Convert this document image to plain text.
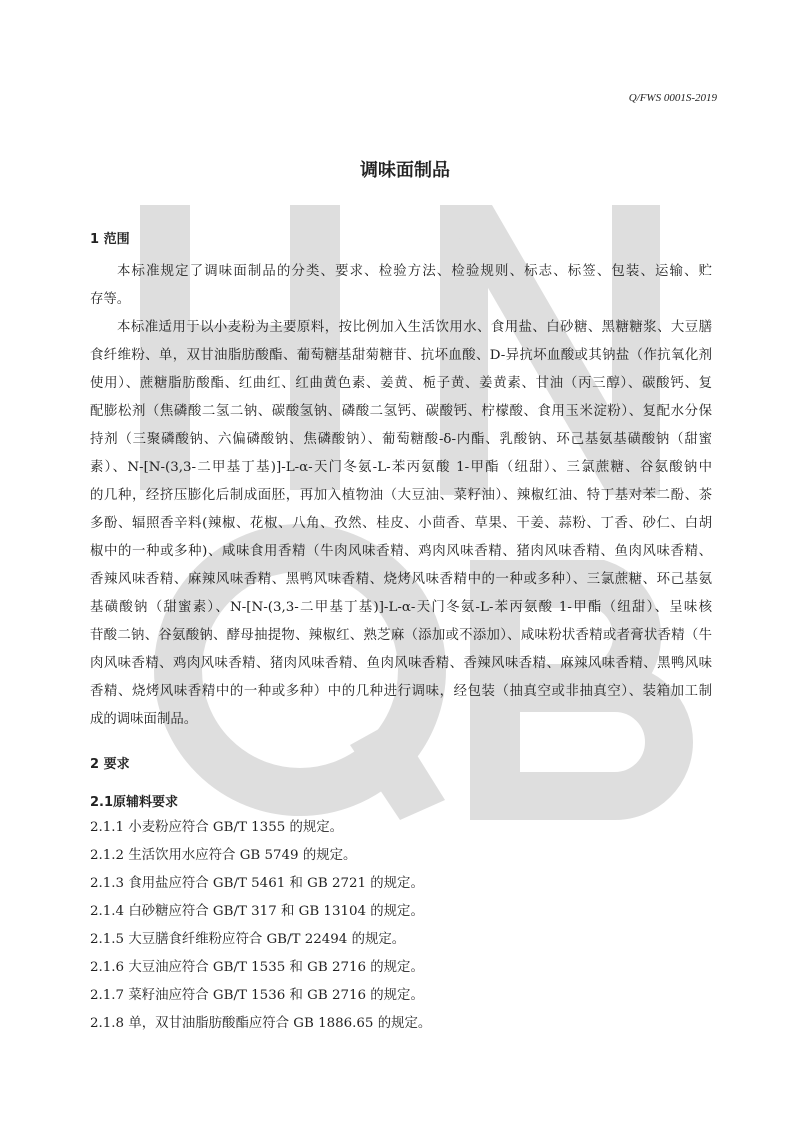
Q/FWS 0001S-2019
调味面制品
1 范围
本标准规定了调味面制品的分类、要求、检验方法、检验规则、标志、标签、包装、运输、贮
存等。
本标准适用于以小麦粉为主要原料，按比例加入生活饮用水、食用盐、白砂糖、黑糖糖浆、大豆膳
食纤维粉、单，双甘油脂肪酸酯、葡萄糖基甜菊糖苷、抗坏血酸、D-异抗坏血酸或其钠盐（作抗氧化剂
使用）、蔗糖脂肪酸酯、红曲红、红曲黄色素、姜黄、栀子黄、姜黄素、甘油（丙三醇）、碳酸钙、复
配膨松剂（焦磷酸二氢二钠、碳酸氢钠、磷酸二氢钙、碳酸钙、柠檬酸、食用玉米淀粉）、复配水分保
持剂（三聚磷酸钠、六偏磷酸钠、焦磷酸钠）、葡萄糖酸-δ-内酯、乳酸钠、环己基氨基磺酸钠（甜蜜
素）、N-[N-(3,3-二甲基丁基)]-L-α-天门冬氨-L-苯丙氨酸 1-甲酯（纽甜）、三氯蔗糖、谷氨酸钠中
的几种，经挤压膨化后制成面胚，再加入植物油（大豆油、菜籽油）、辣椒红油、特丁基对苯二酚、茶
多酚、辐照香辛料(辣椒、花椒、八角、孜然、桂皮、小茴香、草果、干姜、蒜粉、丁香、砂仁、白胡
椒中的一种或多种)、咸味食用香精（牛肉风味香精、鸡肉风味香精、猪肉风味香精、鱼肉风味香精、
香辣风味香精、麻辣风味香精、黑鸭风味香精、烧烤风味香精中的一种或多种）、三氯蔗糖、环己基氨
基磺酸钠（甜蜜素）、N-[N-(3,3-二甲基丁基)]-L-α-天门冬氨-L-苯丙氨酸 1-甲酯（纽甜）、呈味核
苷酸二钠、谷氨酸钠、酵母抽提物、辣椒红、熟芝麻（添加或不添加）、咸味粉状香精或者膏状香精（牛
肉风味香精、鸡肉风味香精、猪肉风味香精、鱼肉风味香精、香辣风味香精、麻辣风味香精、黑鸭风味
香精、烧烤风味香精中的一种或多种）中的几种进行调味，经包装（抽真空或非抽真空）、装箱加工制
成的调味面制品。
2 要求
2.1原辅料要求
2.1.1 小麦粉应符合 GB/T 1355 的规定。
2.1.2 生活饮用水应符合 GB 5749 的规定。
2.1.3 食用盐应符合 GB/T 5461 和 GB 2721 的规定。
2.1.4 白砂糖应符合 GB/T 317 和 GB 13104 的规定。
2.1.5 大豆膳食纤维粉应符合 GB/T 22494 的规定。
2.1.6 大豆油应符合 GB/T 1535 和 GB 2716 的规定。
2.1.7 菜籽油应符合 GB/T 1536 和 GB 2716 的规定。
2.1.8 单，双甘油脂肪酸酯应符合 GB 1886.65 的规定。
